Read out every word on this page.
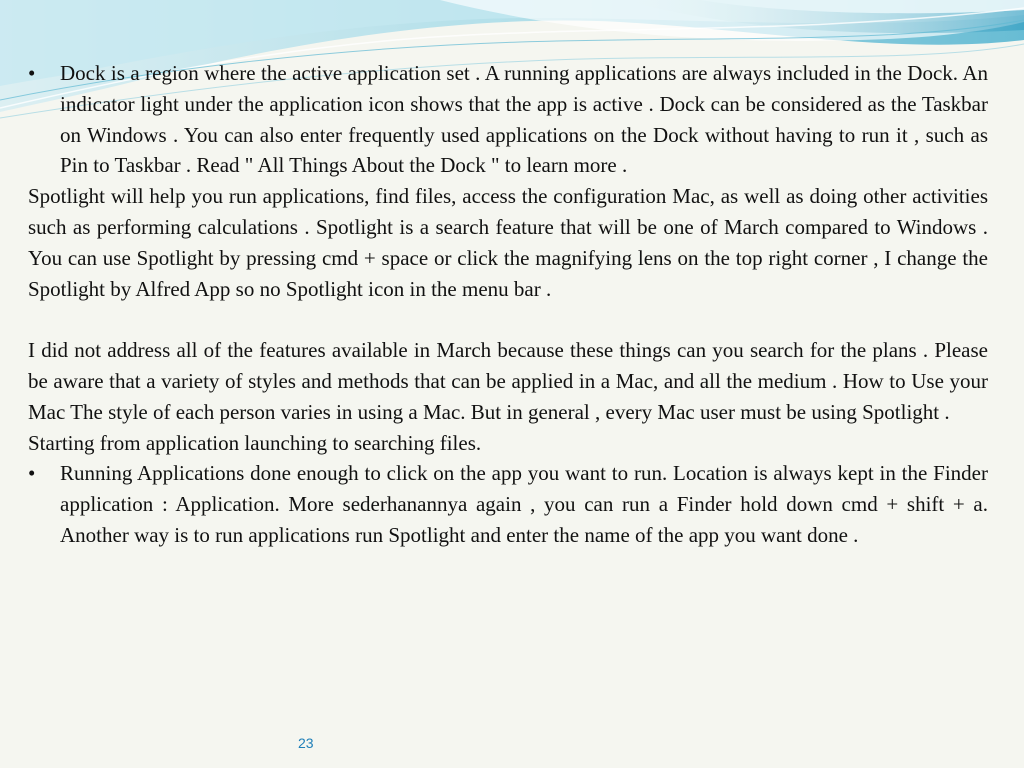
• Dock is a region where the active application set . A running applications are always included in the Dock. An indicator light under the application icon shows that the app is active . Dock can be considered as the Taskbar on Windows . You can also enter frequently used applications on the Dock without having to run it , such as Pin to Taskbar . Read " All Things About the Dock " to learn more .
Spotlight will help you run applications, find files, access the configuration Mac, as well as doing other activities such as performing calculations . Spotlight is a search feature that will be one of March compared to Windows . You can use Spotlight by pressing cmd + space or click the magnifying lens on the top right corner , I change the Spotlight by Alfred App so no Spotlight icon in the menu bar .
I did not address all of the features available in March because these things can you search for the plans . Please be aware that a variety of styles and methods that can be applied in a Mac, and all the medium . How to Use your Mac The style of each person varies in using a Mac. But in general , every Mac user must be using Spotlight .
Starting from application launching to searching files.
• Running Applications done enough to click on the app you want to run. Location is always kept in the Finder application : Application. More sederhanannya again , you can run a Finder hold down cmd + shift + a. Another way is to run applications run Spotlight and enter the name of the app you want done .
23
